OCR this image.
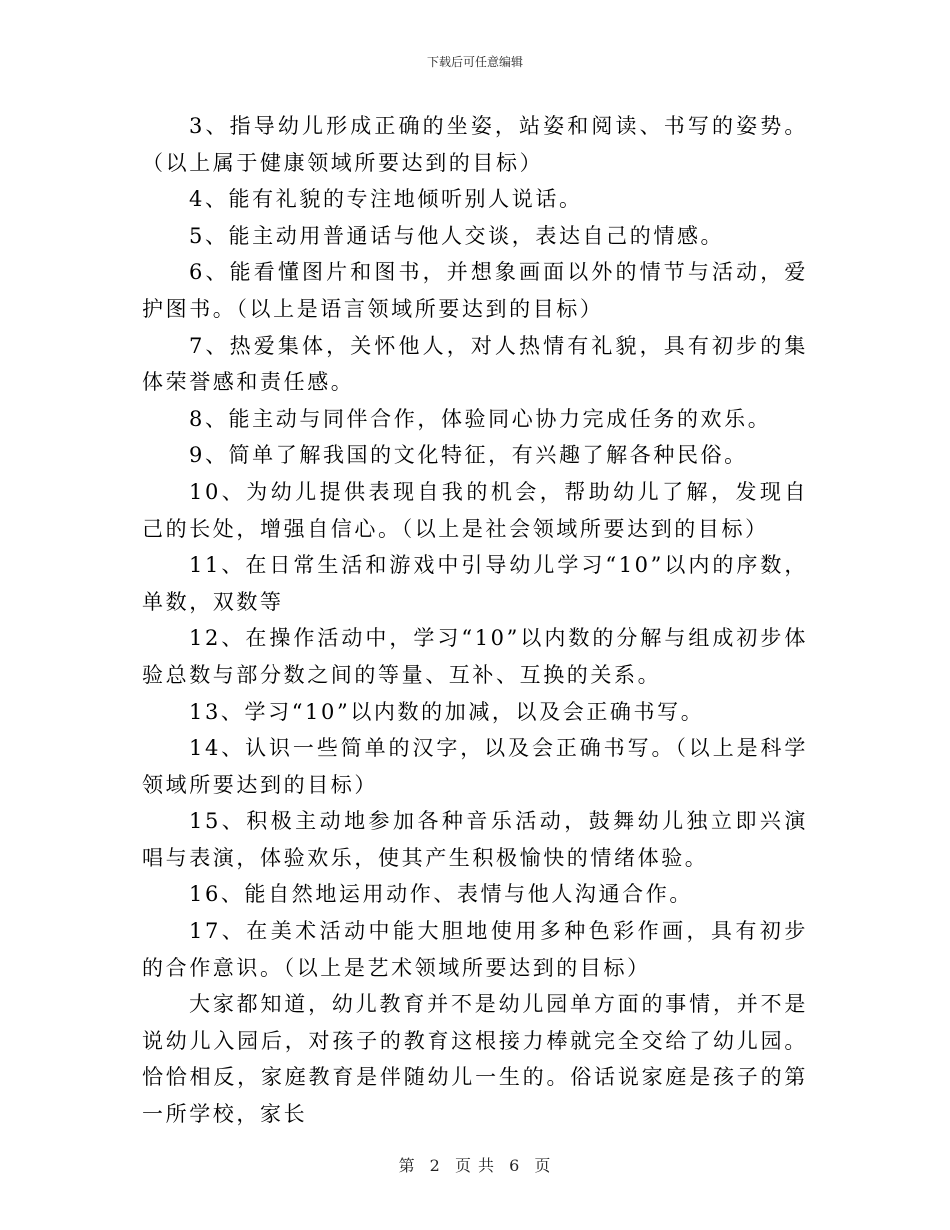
下载后可任意编辑

3、指导幼儿形成正确的坐姿，站姿和阅读、书写的姿势。（以上属于健康领域所要达到的目标）

4、能有礼貌的专注地倾听别人说话。

5、能主动用普通话与他人交谈，表达自己的情感。

6、能看懂图片和图书，并想象画面以外的情节与活动，爱护图书。（以上是语言领域所要达到的目标）

7、热爱集体，关怀他人，对人热情有礼貌，具有初步的集体荣誉感和责任感。

8、能主动与同伴合作，体验同心协力完成任务的欢乐。

9、简单了解我国的文化特征，有兴趣了解各种民俗。

10、为幼儿提供表现自我的机会，帮助幼儿了解，发现自己的长处，增强自信心。（以上是社会领域所要达到的目标）

11、在日常生活和游戏中引导幼儿学习“10”以内的序数，单数，双数等

12、在操作活动中，学习“10”以内数的分解与组成初步体验总数与部分数之间的等量、互补、互换的关系。

13、学习“10”以内数的加减，以及会正确书写。

14、认识一些简单的汉字，以及会正确书写。（以上是科学领域所要达到的目标）

15、积极主动地参加各种音乐活动，鼓舞幼儿独立即兴演唱与表演，体验欢乐，使其产生积极愉快的情绪体验。

16、能自然地运用动作、表情与他人沟通合作。

17、在美术活动中能大胆地使用多种色彩作画，具有初步的合作意识。（以上是艺术领域所要达到的目标）

大家都知道，幼儿教育并不是幼儿园单方面的事情，并不是说幼儿入园后，对孩子的教育这根接力棒就完全交给了幼儿园。恰恰相反，家庭教育是伴随幼儿一生的。俗话说家庭是孩子的第一所学校，家长

第 2 页 共 6 页
